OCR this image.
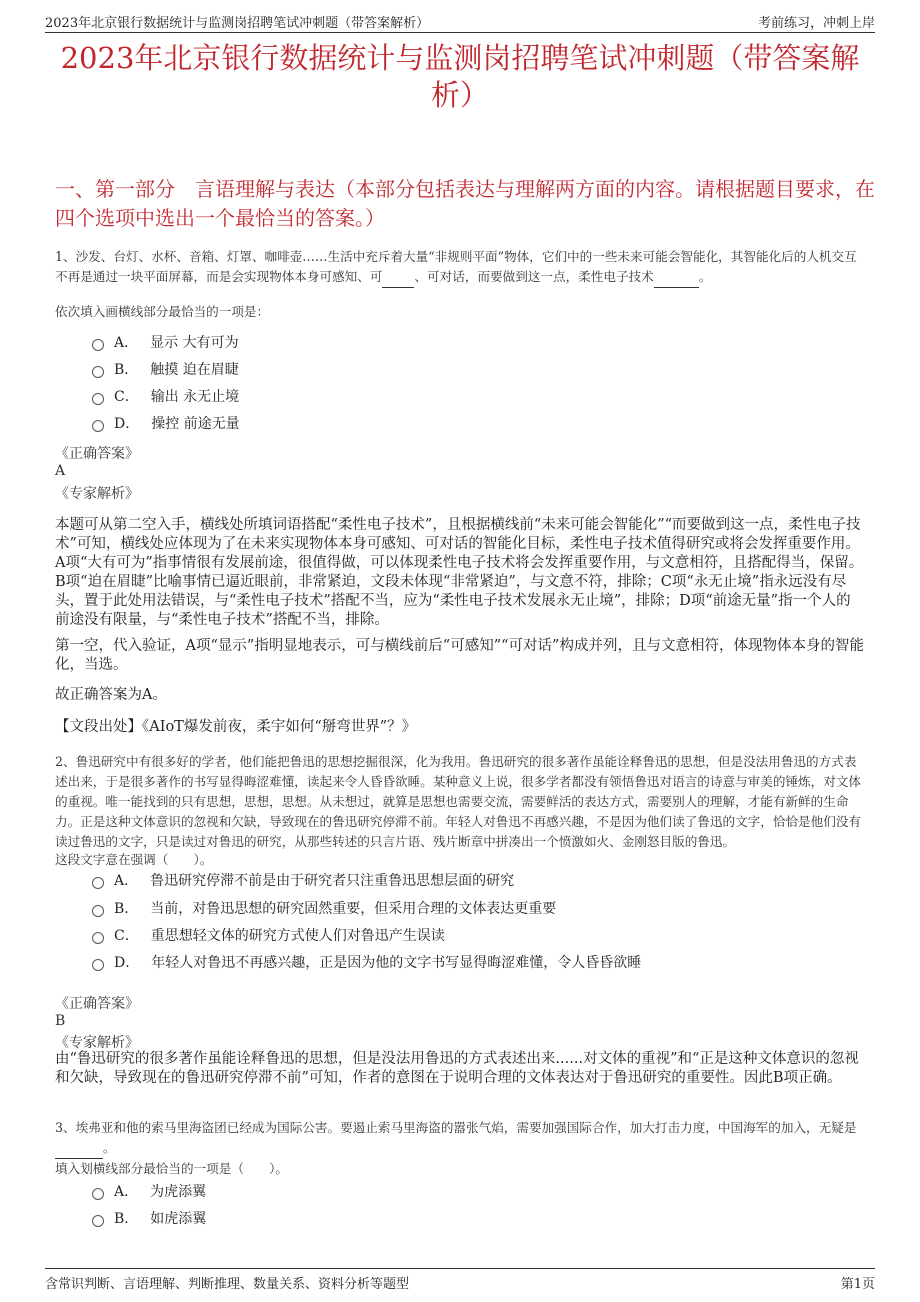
2023年北京银行数据统计与监测岗招聘笔试冲刺题（带答案解析）	考前练习，冲刺上岸
2023年北京银行数据统计与监测岗招聘笔试冲刺题（带答案解析）
一、第一部分　言语理解与表达（本部分包括表达与理解两方面的内容。请根据题目要求，在四个选项中选出一个最恰当的答案。）
1、沙发、台灯、水杯、音箱、灯罩、咖啡壶……生活中充斥着大量“非规则平面”物体，它们中的一些未来可能会智能化，其智能化后的人机交互不再是通过一块平面屏幕，而是会实现物体本身可感知、可	、可对话，而要做到这一点，柔性电子技术	。
依次填入画横线部分最恰当的一项是：
A． 显示 大有可为
B． 触摸 迫在眉睫
C． 输出 永无止境
D． 操控 前途无量
《正确答案》
A
《专家解析》
本题可从第二空入手，横线处所填词语搭配“柔性电子技术”，且根据横线前“未来可能会智能化”“而要做到这一点，柔性电子技术”可知，横线处应体现为了在未来实现物体本身可感知、可对话的智能化目标，柔性电子技术值得研究或将会发挥重要作用。A项“大有可为”指事情很有发展前途，很值得做，可以体现柔性电子技术将会发挥重要作用，与文意相符，且搭配得当，保留。B项“迫在眉睫”比喻事情已逼近眼前，非常紧迫，文段未体现“非常紧迫”，与文意不符，排除；C项“永无止境”指永远没有尽头，置于此处用法错误，与“柔性电子技术”搭配不当，应为“柔性电子技术发展永无止境”，排除；D项“前途无量”指一个人的前途没有限量，与“柔性电子技术”搭配不当，排除。
第一空，代入验证，A项“显示”指明显地表示，可与横线前后“可感知”“可对话”构成并列，且与文意相符，体现物体本身的智能化，当选。
故正确答案为A。
【文段出处】《AIoT爆发前夜，柔宇如何“掰弯世界”？》
2、鲁迅研究中有很多好的学者，他们能把鲁迅的思想挖掘很深，化为我用。鲁迅研究的很多著作虽能诠释鲁迅的思想，但是没法用鲁迅的方式表述出来，于是很多著作的书写显得晦涩难懂，读起来令人昏昏欲睡。某种意义上说，很多学者都没有领悟鲁迅对语言的诗意与审美的锤炼，对文体的重视。唯一能找到的只有思想，思想，思想。从未想过，就算是思想也需要交流，需要鲜活的表达方式，需要别人的理解，才能有新鲜的生命力。正是这种文体意识的忽视和欠缺，导致现在的鲁迅研究停滞不前。年轻人对鲁迅不再感兴趣，不是因为他们读了鲁迅的文字，恰恰是他们没有读过鲁迅的文字，只是读过对鲁迅的研究，从那些转述的只言片语、残片断章中拼凑出一个愤激如火、金刚怒目版的鲁迅。
这段文字意在强调（　　）。
A． 鲁迅研究停滞不前是由于研究者只注重鲁迅思想层面的研究
B． 当前，对鲁迅思想的研究固然重要，但采用合理的文体表达更重要
C． 重思想轻文体的研究方式使人们对鲁迅产生误读
D． 年轻人对鲁迅不再感兴趣，正是因为他的文字书写显得晦涩难懂，令人昏昏欲睡
《正确答案》
B
《专家解析》
由“鲁迅研究的很多著作虽能诠释鲁迅的思想，但是没法用鲁迅的方式表述出来......对文体的重视”和“正是这种文体意识的忽视和欠缺，导致现在的鲁迅研究停滞不前”可知，作者的意图在于说明合理的文体表达对于鲁迅研究的重要性。因此B项正确。
3、埃弗亚和他的索马里海盗团已经成为国际公害。要遏止索马里海盗的嚣张气焰，需要加强国际合作，加大打击力度，中国海军的加入，无疑是 。
填入划横线部分最恰当的一项是（　　）。
A． 为虎添翼
B． 如虎添翼
含常识判断、言语理解、判断推理、数量关系、资料分析等题型	第1页
